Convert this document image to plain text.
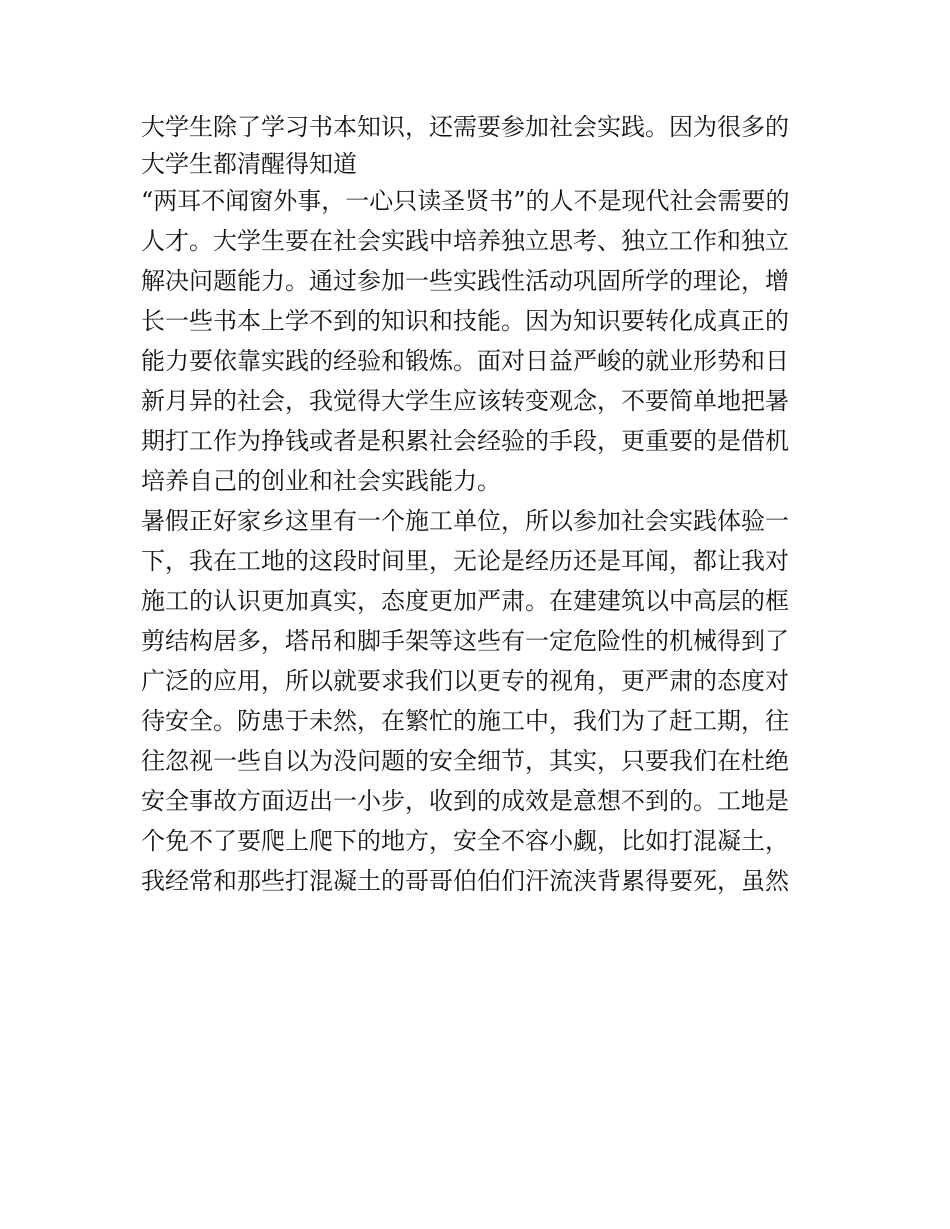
大学生除了学习书本知识，还需要参加社会实践。因为很多的
大学生都清醒得知道
“两耳不闻窗外事，一心只读圣贤书”的人不是现代社会需要的
人才。大学生要在社会实践中培养独立思考、独立工作和独立
解决问题能力。通过参加一些实践性活动巩固所学的理论，增
长一些书本上学不到的知识和技能。因为知识要转化成真正的
能力要依靠实践的经验和锻炼。面对日益严峻的就业形势和日
新月异的社会，我觉得大学生应该转变观念，不要简单地把暑
期打工作为挣钱或者是积累社会经验的手段，更重要的是借机
培养自己的创业和社会实践能力。
暑假正好家乡这里有一个施工单位，所以参加社会实践体验一
下，我在工地的这段时间里，无论是经历还是耳闻，都让我对
施工的认识更加真实，态度更加严肃。在建建筑以中高层的框
剪结构居多，塔吊和脚手架等这些有一定危险性的机械得到了
广泛的应用，所以就要求我们以更专的视角，更严肃的态度对
待安全。防患于未然，在繁忙的施工中，我们为了赶工期，往
往忽视一些自以为没问题的安全细节，其实，只要我们在杜绝
安全事故方面迈出一小步，收到的成效是意想不到的。工地是
个免不了要爬上爬下的地方，安全不容小觑，比如打混凝土，
我经常和那些打混凝土的哥哥伯伯们汗流浃背累得要死，虽然
